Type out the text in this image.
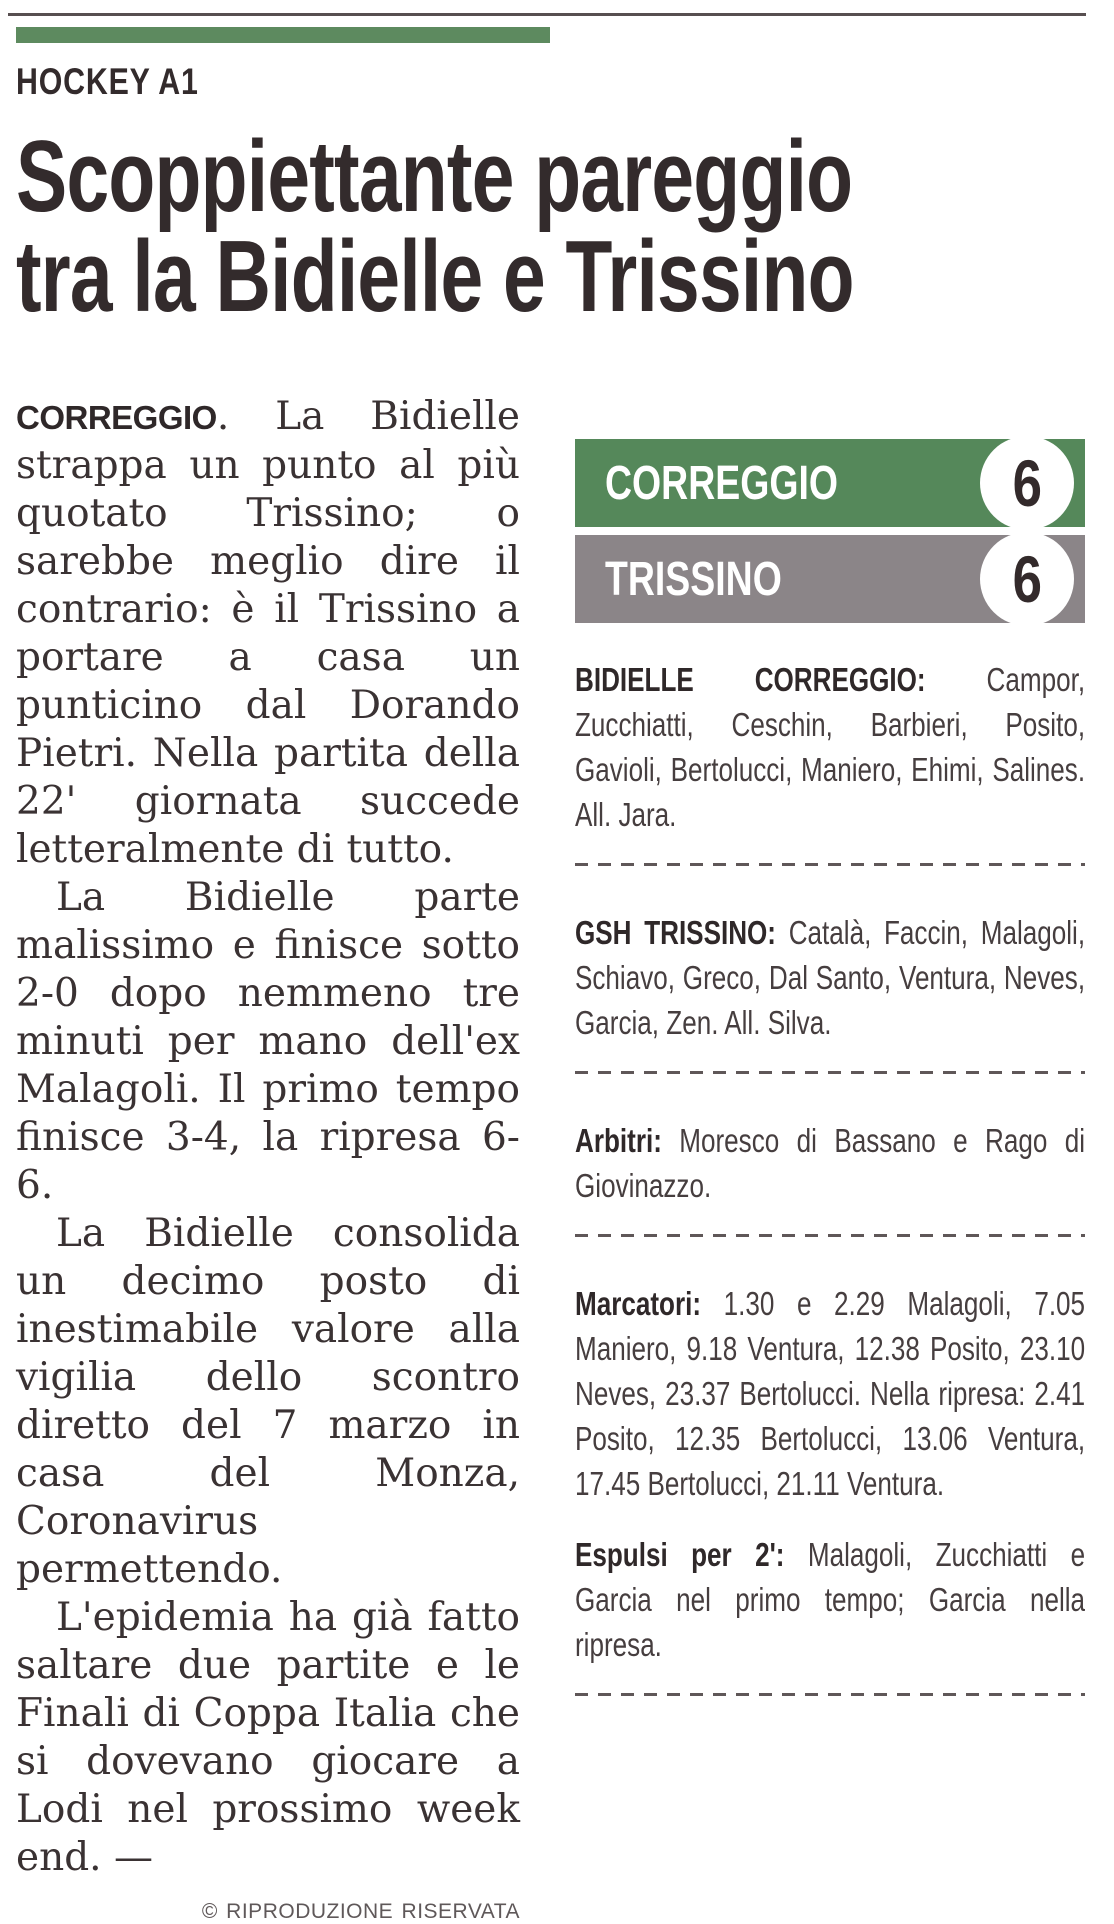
HOCKEY A1
Scoppiettante pareggio
tra la Bidielle e Trissino

CORREGGIO. La Bidielle strappa un punto al più quotato Trissino; o sarebbe meglio dire il contrario: è il Trissino a portare a casa un punticino dal Dorando Pietri. Nella partita della 22' giornata succede letteralmente di tutto.

La Bidielle parte malissimo e finisce sotto 2-0 dopo nemmeno tre minuti per mano dell'ex Malagoli. Il primo tempo finisce 3-4, la ripresa 6-6.

La Bidielle consolida un decimo posto di inestimabile valore alla vigilia dello scontro diretto del 7 marzo in casa del Monza, Coronavirus permettendo.

L'epidemia ha già fatto saltare due partite e le Finali di Coppa Italia che si dovevano giocare a Lodi nel prossimo week end. —

© RIPRODUZIONE RISERVATA
CORREGGIO	6
TRISSINO	6

BIDIELLE CORREGGIO: Campor, Zucchiatti, Ceschin, Barbieri, Posito, Gavioli, Bertolucci, Maniero, Ehimi, Salines. All. Jara.

GSH TRISSINO: Català, Faccin, Malagoli, Schiavo, Greco, Dal Santo, Ventura, Neves, Garcia, Zen. All. Silva.

Arbitri: Moresco di Bassano e Rago di Giovinazzo.

Marcatori: 1.30 e 2.29 Malagoli, 7.05 Maniero, 9.18 Ventura, 12.38 Posito, 23.10 Neves, 23.37 Bertolucci. Nella ripresa: 2.41 Posito, 12.35 Bertolucci, 13.06 Ventura, 17.45 Bertolucci, 21.11 Ventura.

Espulsi per 2': Malagoli, Zucchiatti e Garcia nel primo tempo; Garcia nella ripresa.
